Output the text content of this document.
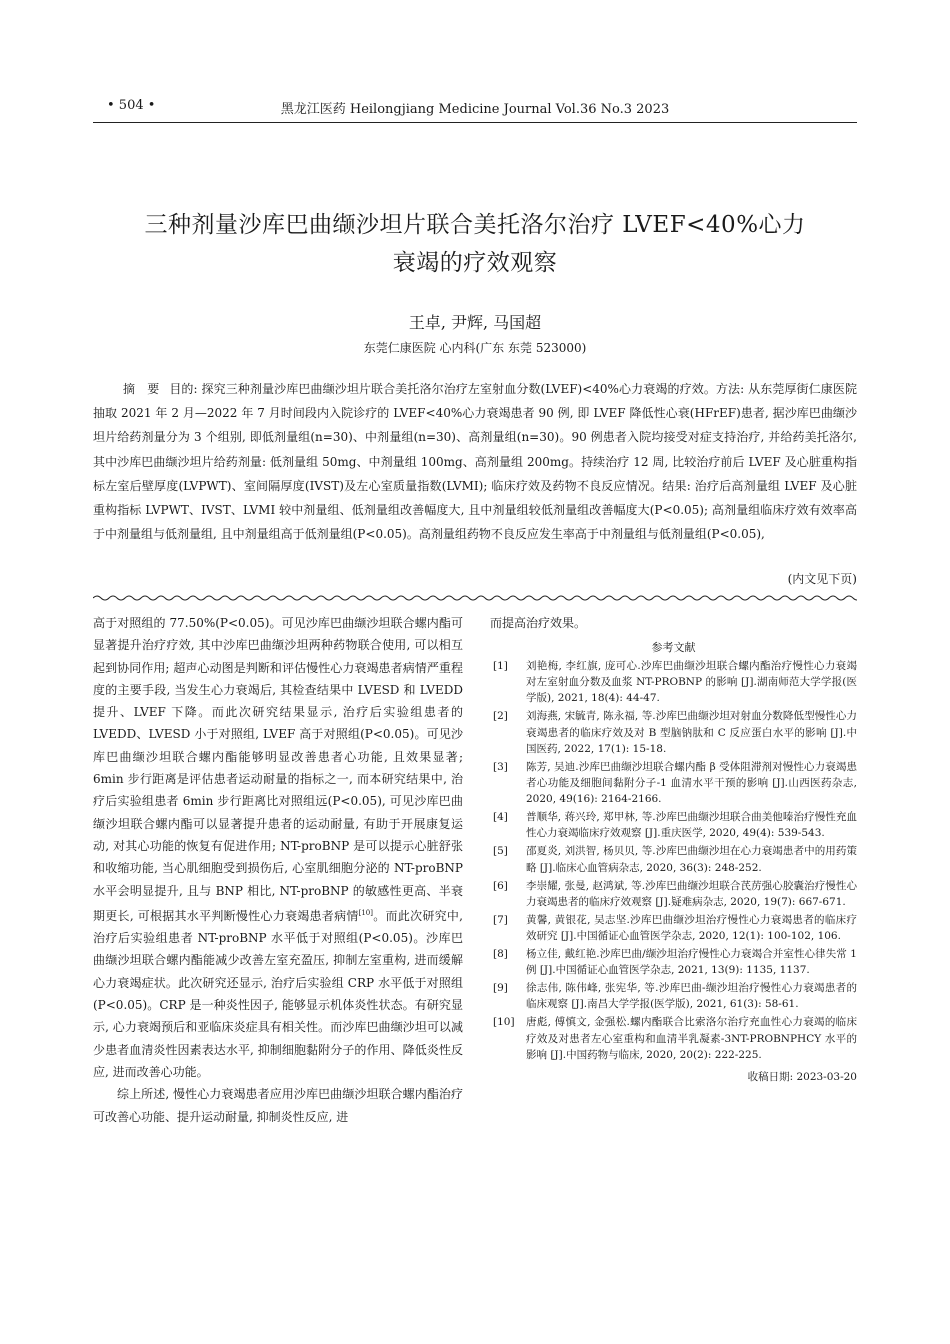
• 504 •	黑龙江医药 Heilongjiang Medicine Journal Vol.36 No.3 2023
三种剂量沙库巴曲缬沙坦片联合美托洛尔治疗 LVEF<40%心力
衰竭的疗效观察
王卓, 尹辉, 马国超
东莞仁康医院 心内科(广东 东莞 523000)
摘　要 目的: 探究三种剂量沙库巴曲缬沙坦片联合美托洛尔治疗左室射血分数(LVEF)<40%心力衰竭的疗效。方法: 从东莞厚街仁康医院抽取 2021 年 2 月—2022 年 7 月时间段内入院诊疗的 LVEF<40%心力衰竭患者 90 例, 即 LVEF 降低性心衰(HFrEF)患者, 据沙库巴曲缬沙坦片给药剂量分为 3 个组别, 即低剂量组(n=30)、中剂量组(n=30)、高剂量组(n=30)。90 例患者入院均接受对症支持治疗, 并给药美托洛尔, 其中沙库巴曲缬沙坦片给药剂量: 低剂量组 50mg、中剂量组 100mg、高剂量组 200mg。持续治疗 12 周, 比较治疗前后 LVEF 及心脏重构指标左室后壁厚度(LVPWT)、室间隔厚度(IVST)及左心室质量指数(LVMI); 临床疗效及药物不良反应情况。结果: 治疗后高剂量组 LVEF 及心脏重构指标 LVPWT、IVST、LVMI 较中剂量组、低剂量组改善幅度大, 且中剂量组较低剂量组改善幅度大(P<0.05); 高剂量组临床疗效有效率高于中剂量组与低剂量组, 且中剂量组高于低剂量组(P<0.05)。高剂量组药物不良反应发生率高于中剂量组与低剂量组(P<0.05),
(内文见下页)

高于对照组的 77.50%(P<0.05)。可见沙库巴曲缬沙坦联合螺内酯可显著提升治疗疗效, 其中沙库巴曲缬沙坦两种药物联合使用, 可以相互起到协同作用; 超声心动图是判断和评估慢性心力衰竭患者病情严重程度的主要手段, 当发生心力衰竭后, 其检查结果中 LVESD 和 LVEDD 提升、LVEF 下降。而此次研究结果显示, 治疗后实验组患者的 LVEDD、LVESD 小于对照组, LVEF 高于对照组(P<0.05)。可见沙库巴曲缬沙坦联合螺内酯能够明显改善患者心功能, 且效果显著; 6min 步行距离是评估患者运动耐量的指标之一, 而本研究结果中, 治疗后实验组患者 6min 步行距离比对照组远(P<0.05), 可见沙库巴曲缬沙坦联合螺内酯可以显著提升患者的运动耐量, 有助于开展康复运动, 对其心功能的恢复有促进作用; NT-proBNP 是可以提示心脏舒张和收缩功能, 当心肌细胞受到损伤后, 心室肌细胞分泌的 NT-proBNP 水平会明显提升, 且与 BNP 相比, NT-proBNP 的敏感性更高、半衰期更长, 可根据其水平判断慢性心力衰竭患者病情[10]。而此次研究中, 治疗后实验组患者 NT-proBNP 水平低于对照组(P<0.05)。沙库巴曲缬沙坦联合螺内酯能减少改善左室充盈压, 抑制左室重构, 进而缓解心力衰竭症状。此次研究还显示, 治疗后实验组 CRP 水平低于对照组(P<0.05)。CRP 是一种炎性因子, 能够显示机体炎性状态。有研究显示, 心力衰竭预后和亚临床炎症具有相关性。而沙库巴曲缬沙坦可以减少患者血清炎性因素表达水平, 抑制细胞黏附分子的作用、降低炎性反应, 进而改善心功能。

综上所述, 慢性心力衰竭患者应用沙库巴曲缬沙坦联合螺内酯治疗可改善心功能、提升运动耐量, 抑制炎性反应, 进

而提高治疗效果。
参考文献
[1] 刘艳梅, 李红旗, 庞可心.沙库巴曲缬沙坦联合螺内酯治疗慢性心力衰竭对左室射血分数及血浆 NT-PROBNP 的影响 [J].湖南师范大学学报(医学版), 2021, 18(4): 44-47.
[2] 刘海燕, 宋毓青, 陈永福, 等.沙库巴曲缬沙坦对射血分数降低型慢性心力衰竭患者的临床疗效及对 B 型脑钠肽和 C 反应蛋白水平的影响 [J].中国医药, 2022, 17(1): 15-18.
[3] 陈芳, 吴迪.沙库巴曲缬沙坦联合螺内酯 β 受体阻滞剂对慢性心力衰竭患者心功能及细胞间黏附分子-1 血清水平干预的影响 [J].山西医药杂志, 2020, 49(16): 2164-2166.
[4] 普顺华, 蒋兴玲, 郑甲林, 等.沙库巴曲缬沙坦联合曲美他嗪治疗慢性充血性心力衰竭临床疗效观察 [J].重庆医学, 2020, 49(4): 539-543.
[5] 邵夏炎, 刘洪智, 杨贝贝, 等.沙库巴曲缬沙坦在心力衰竭患者中的用药策略 [J].临床心血管病杂志, 2020, 36(3): 248-252.
[6] 李崇耀, 张曼, 赵鸿斌, 等.沙库巴曲缬沙坦联合芪苈强心胶囊治疗慢性心力衰竭患者的临床疗效观察 [J].疑难病杂志, 2020, 19(7): 667-671.
[7] 黄馨, 黄银花, 吴志坚.沙库巴曲缬沙坦治疗慢性心力衰竭患者的临床疗效研究 [J].中国循证心血管医学杂志, 2020, 12(1): 100-102, 106.
[8] 杨立佳, 戴红艳.沙库巴曲/缬沙坦治疗慢性心力衰竭合并室性心律失常 1 例 [J].中国循证心血管医学杂志, 2021, 13(9): 1135, 1137.
[9] 徐志伟, 陈伟峰, 张宪华, 等.沙库巴曲-缬沙坦治疗慢性心力衰竭患者的临床观察 [J].南昌大学学报(医学版), 2021, 61(3): 58-61.
[10] 唐彪, 傅慎文, 金强松.螺内酯联合比索洛尔治疗充血性心力衰竭的临床疗效及对患者左心室重构和血清半乳凝素-3NT-PROBNPHCY 水平的影响 [J].中国药物与临床, 2020, 20(2): 222-225.
收稿日期: 2023-03-20
